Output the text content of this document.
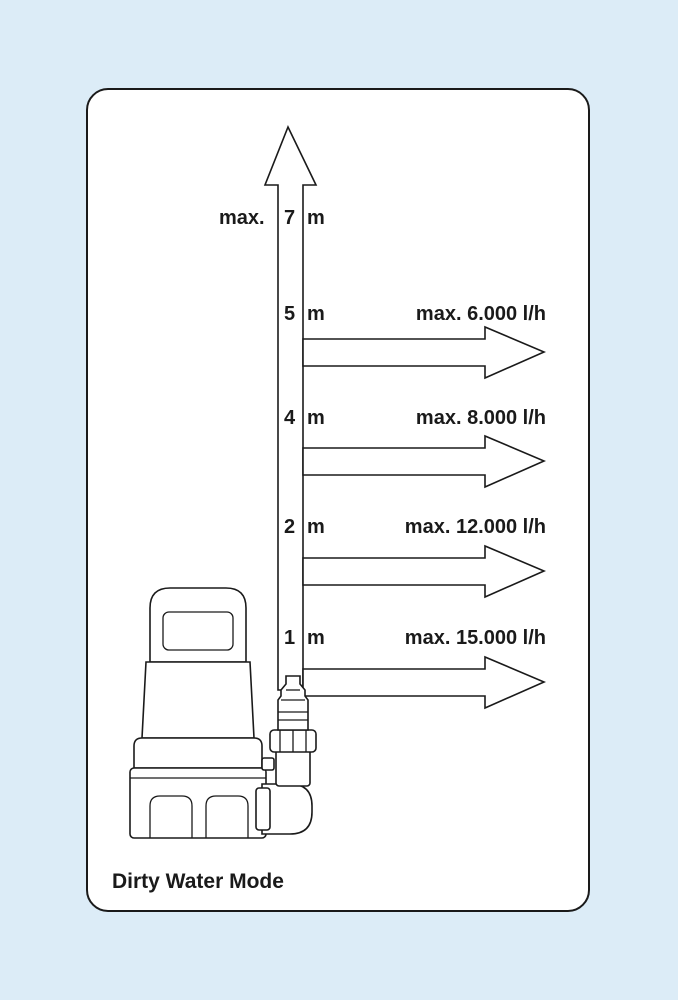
max. 7 m
5 m	max. 6.000 l/h
4 m	max. 8.000 l/h
2 m	max. 12.000 l/h
1 m	max. 15.000 l/h
Dirty Water Mode
